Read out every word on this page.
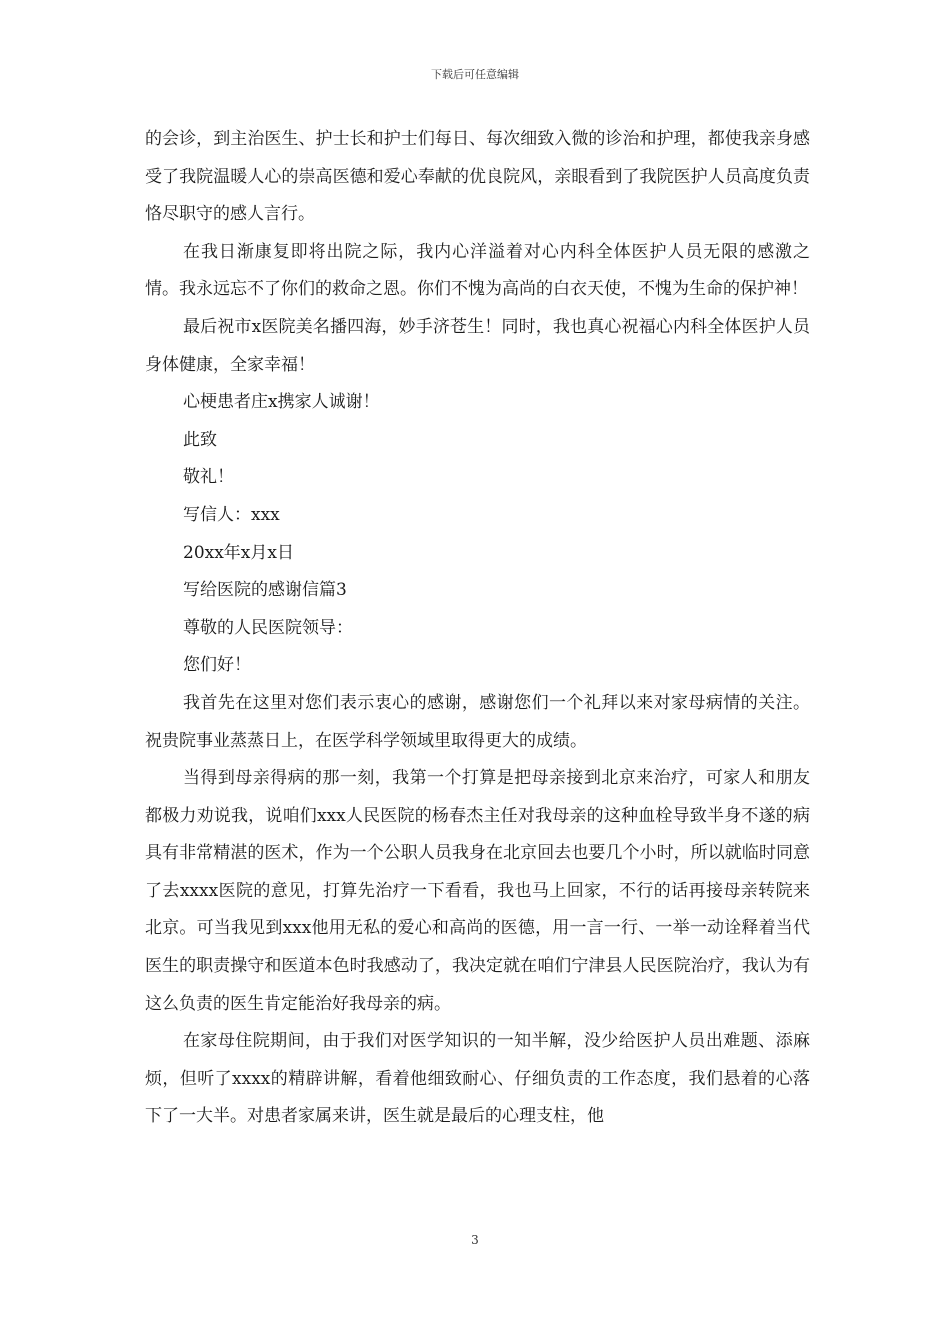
下载后可任意编辑

的会诊，到主治医生、护士长和护士们每日、每次细致入微的诊治和护理，都使我亲身感受了我院温暖人心的崇高医德和爱心奉献的优良院风，亲眼看到了我院医护人员高度负责恪尽职守的感人言行。

在我日渐康复即将出院之际，我内心洋溢着对心内科全体医护人员无限的感激之情。我永远忘不了你们的救命之恩。你们不愧为高尚的白衣天使，不愧为生命的保护神！

最后祝市x医院美名播四海，妙手济苍生！同时，我也真心祝福心内科全体医护人员身体健康，全家幸福！

心梗患者庄x携家人诚谢！

此致

敬礼！

写信人：xxx

20xx年x月x日

写给医院的感谢信篇3

尊敬的人民医院领导：

您们好！

我首先在这里对您们表示衷心的感谢，感谢您们一个礼拜以来对家母病情的关注。祝贵院事业蒸蒸日上，在医学科学领域里取得更大的成绩。

当得到母亲得病的那一刻，我第一个打算是把母亲接到北京来治疗，可家人和朋友都极力劝说我，说咱们xxx人民医院的杨春杰主任对我母亲的这种血栓导致半身不遂的病具有非常精湛的医术，作为一个公职人员我身在北京回去也要几个小时，所以就临时同意了去xxxx医院的意见，打算先治疗一下看看，我也马上回家，不行的话再接母亲转院来北京。可当我见到xxx他用无私的爱心和高尚的医德，用一言一行、一举一动诠释着当代医生的职责操守和医道本色时我感动了，我决定就在咱们宁津县人民医院治疗，我认为有这么负责的医生肯定能治好我母亲的病。

在家母住院期间，由于我们对医学知识的一知半解，没少给医护人员出难题、添麻烦，但听了xxxx的精辟讲解，看着他细致耐心、仔细负责的工作态度，我们悬着的心落下了一大半。对患者家属来讲，医生就是最后的心理支柱，他

3
